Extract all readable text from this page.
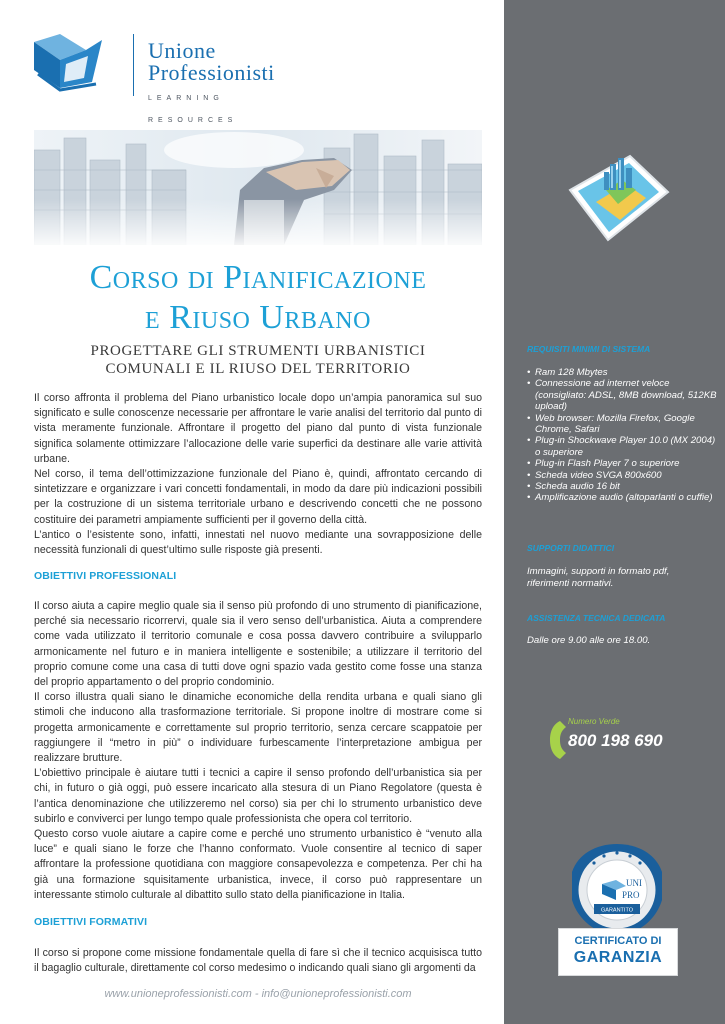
Unione
Professionisti
LEARNING RESOURCES
Corso di Pianificazione
e Riuso Urbano
PROGETTARE GLI STRUMENTI URBANISTICI
COMUNALI E IL RIUSO DEL TERRITORIO

Il corso affronta il problema del Piano urbanistico locale dopo un’ampia panoramica sul suo significato e sulle conoscenze necessarie per affrontare le varie analisi del territorio dal punto di vista meramente funzionale. Affrontare il progetto del piano dal punto di vista funzionale significa solamente ottimizzare l’allocazione delle varie superfici da destinare alle varie attività urbane.

Nel corso, il tema dell’ottimizzazione funzionale del Piano è, quindi, affrontato cercando di sintetizzare e organizzare i vari concetti fondamentali, in modo da dare più indicazioni possibili per la costruzione di un sistema territoriale urbano e descrivendo concetti che ne possono costituire dei parametri ampiamente sufficienti per il governo della città.

L’antico o l’esistente sono, infatti, innestati nel nuovo mediante una sovrapposizione delle necessità funzionali di quest’ultimo sulle risposte già presenti.

OBIETTIVI PROFESSIONALI

Il corso aiuta a capire meglio quale sia il senso più profondo di uno strumento di pianificazione, perché sia necessario ricorrervi, quale sia il vero senso dell’urbanistica. Aiuta a comprendere come vada utilizzato il territorio comunale e cosa possa davvero contribuire a svilupparlo armonicamente nel futuro e in maniera intelligente e sostenibile; a utilizzare il territorio del proprio comune come una casa di tutti dove ogni spazio vada gestito come fosse una stanza del proprio appartamento o del proprio condominio.

Il corso illustra quali siano le dinamiche economiche della rendita urbana e quali siano gli stimoli che inducono alla trasformazione territoriale. Si propone inoltre di mostrare come si progetta armonicamente e correttamente sul proprio territorio, senza cercare scappatoie per raggiungere il “metro in più” o individuare furbescamente l’interpretazione ambigua per realizzare brutture.

L’obiettivo principale è aiutare tutti i tecnici a capire il senso profondo dell’urbanistica sia per chi, in futuro o già oggi, può essere incaricato alla stesura di un Piano Regolatore (questa è l’antica denominazione che utilizzeremo nel corso) sia per chi lo strumento urbanistico deve subirlo e conviverci per lungo tempo quale professionista che opera col territorio.

Questo corso vuole aiutare a capire come e perché uno strumento urbanistico è “venuto alla luce” e quali siano le forze che l’hanno conformato. Vuole consentire al tecnico di saper affrontare la professione quotidiana con maggiore consapevolezza e competenza. Per chi ha già una formazione squisitamente urbanistica, invece, il corso può rappresentare un interessante stimolo culturale al dibattito sullo stato della pianificazione in Italia.

OBIETTIVI FORMATIVI

Il corso si propone come missione fondamentale quella di fare sì che il tecnico acquisisca tutto il bagaglio culturale, direttamente col corso medesimo o indicando quali siano gli argomenti da

www.unioneprofessionisti.com - info@unioneprofessionisti.com
REQUISITI MINIMI DI SISTEMA
• Ram 128 Mbytes
• Connessione ad internet veloce (consigliato: ADSL, 8MB download, 512KB upload)
• Web browser: Mozilla Firefox, Google Chrome, Safari
• Plug-in Shockwave Player 10.0 (MX 2004) o superiore
• Plug-in Flash Player 7 o superiore
• Scheda video SVGA 800x600
• Scheda audio 16 bit
• Amplificazione audio (altoparlanti o cuffie)
SUPPORTI DIDATTICI
Immagini, supporti in formato pdf, riferimenti normativi.
ASSISTENZA TECNICA DEDICATA
Dalle ore 9.00 alle ore 18.00.
Numero Verde
800 198 690
UNI
PRO
GARANTITO
CERTIFICATO DI
GARANZIA
